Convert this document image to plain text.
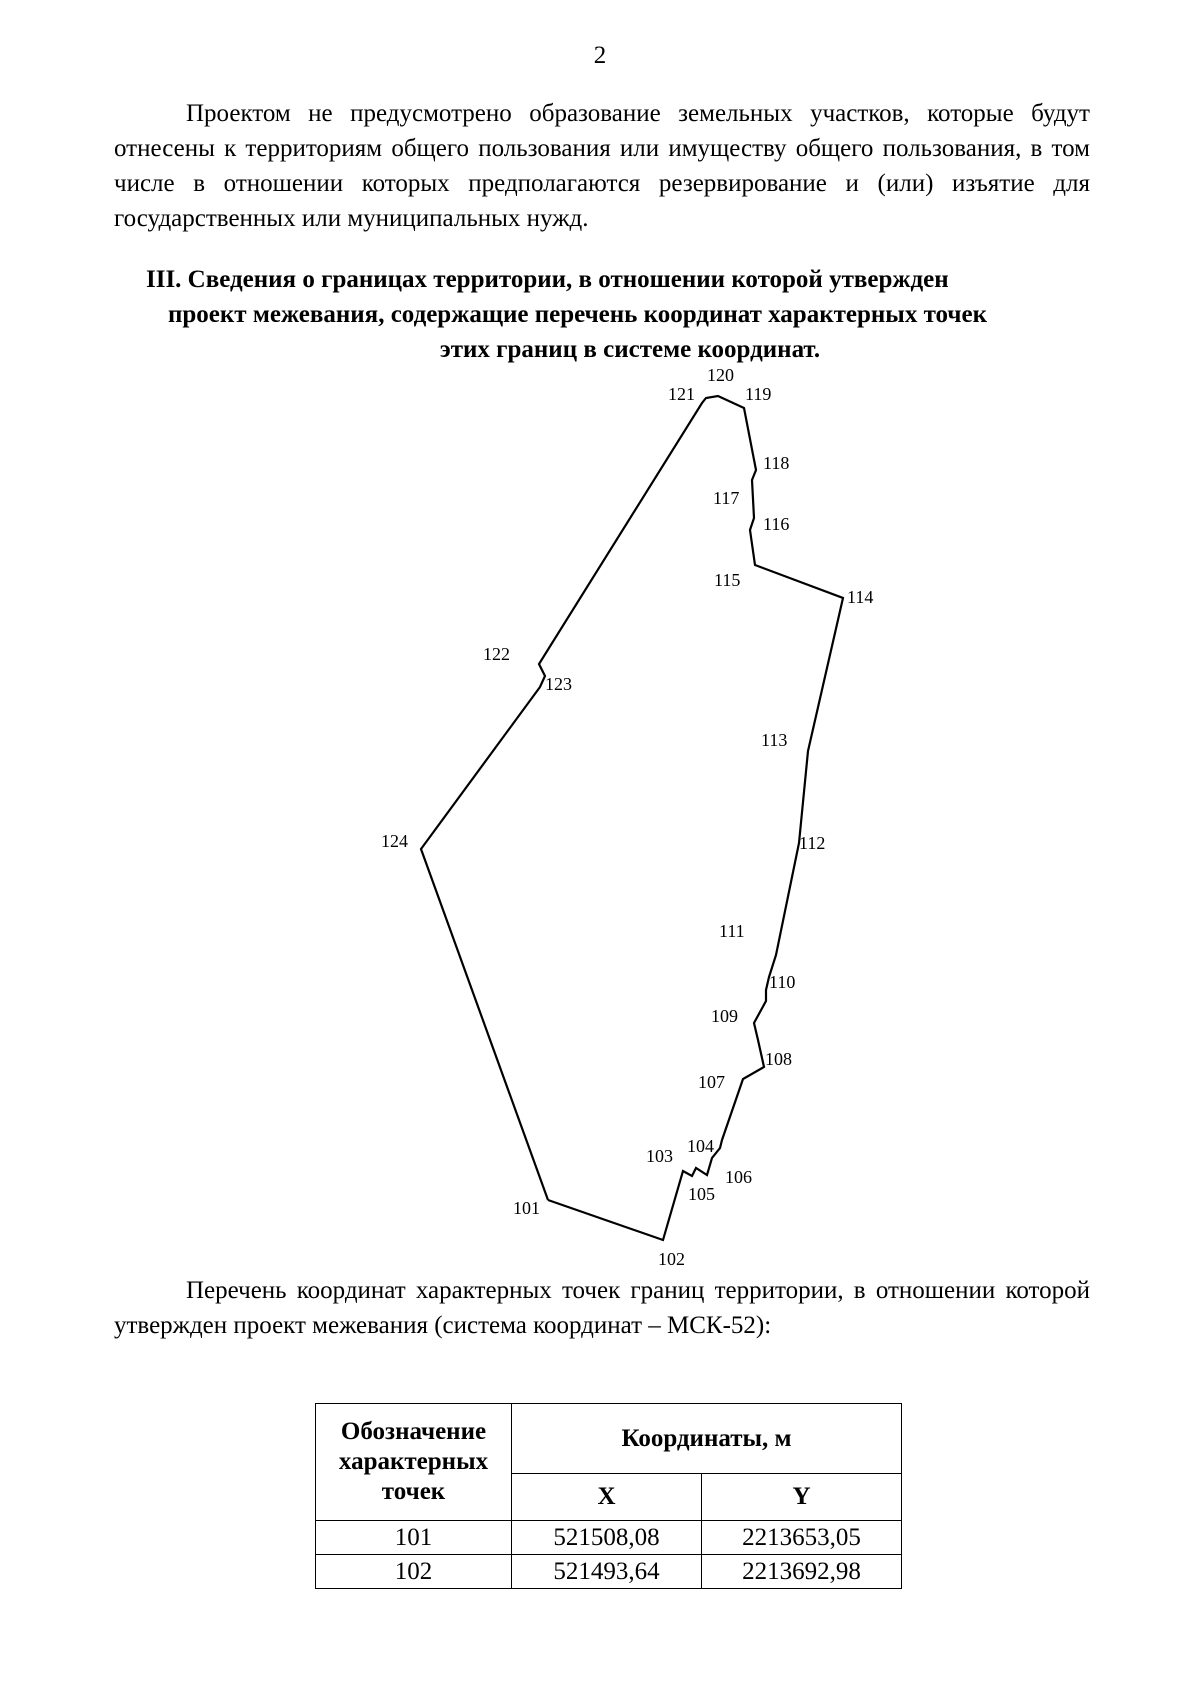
2

Проектом не предусмотрено образование земельных участков, которые будут отнесены к территориям общего пользования или имуществу общего пользования, в том числе в отношении которых предполагаются резервирование и (или) изъятие для государственных или муниципальных нужд.

III. Сведения о границах территории, в отношении которой утвержден
проект межевания, содержащие перечень координат характерных точек
этих границ в системе координат.
101
102
103 104
105
106
107
108
109
110
111
112
113
114
115
116
117
118
119
120
121
122
123
124

Перечень координат характерных точек границ территории, в отношении которой утвержден проект межевания (система координат – МСК-52):

Обозначение характерных точек	Координаты, м	
	X	Y
101	521508,08	2213653,05
102	521493,64	2213692,98
